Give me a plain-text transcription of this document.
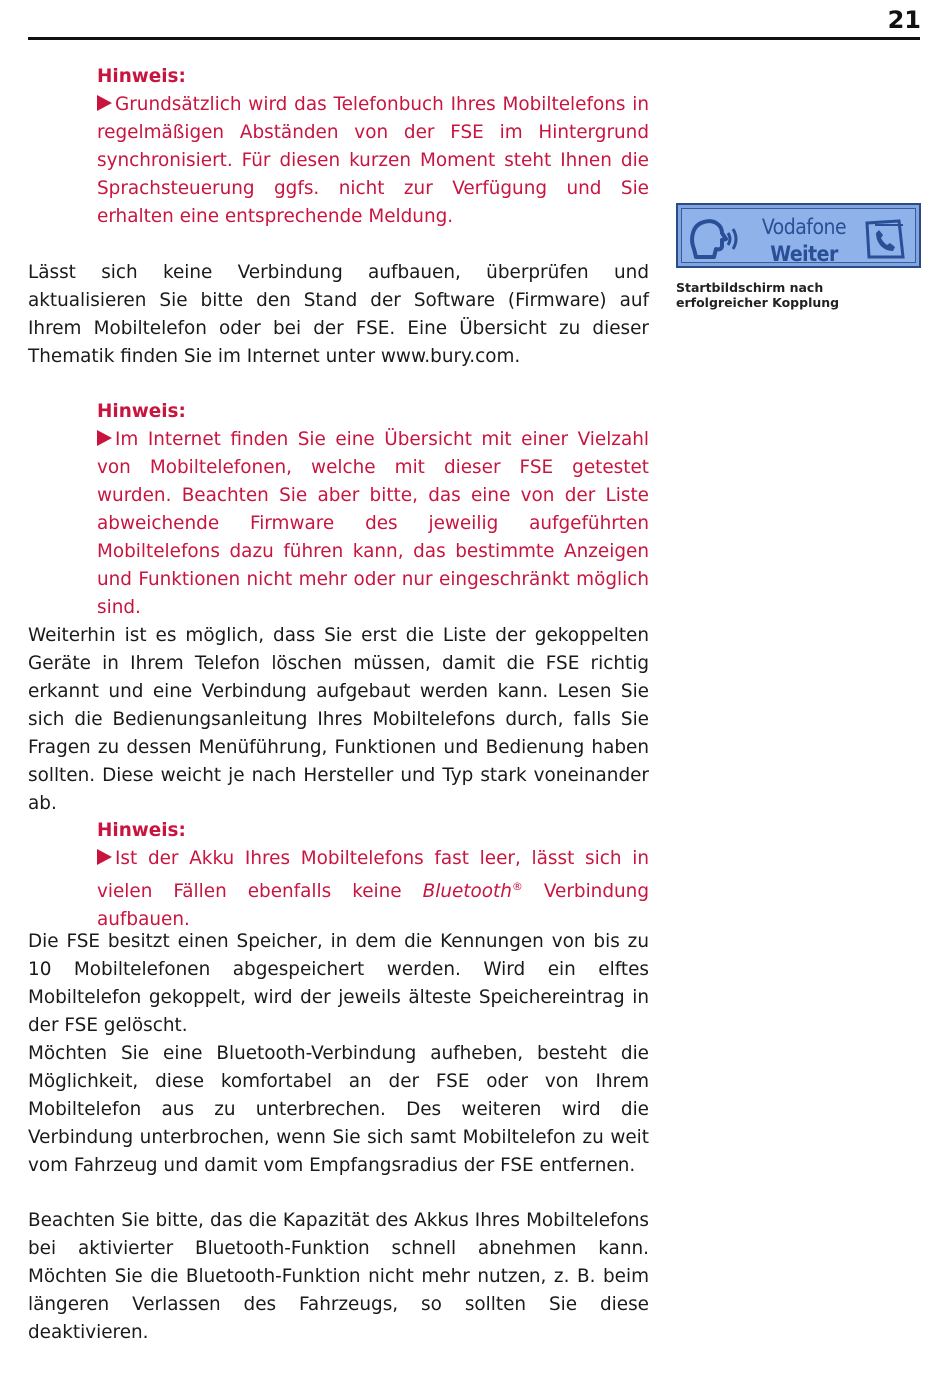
21
Hinweis:
Grundsätzlich wird das Telefonbuch Ihres Mobiltelefons in regelmäßigen Abständen von der FSE im Hintergrund synchronisiert. Für diesen kurzen Moment steht Ihnen die Sprachsteuerung ggfs. nicht zur Verfügung und Sie erhalten eine entsprechende Meldung.
Lässt sich keine Verbindung aufbauen, überprüfen und aktualisieren Sie bitte den Stand der Software (Firmware) auf Ihrem Mobiltelefon oder bei der FSE. Eine Übersicht zu dieser Thematik finden Sie im Internet unter www.bury.com.
Hinweis:
Im Internet finden Sie eine Übersicht mit einer Vielzahl von Mobiltelefonen, welche mit dieser FSE getestet wurden. Beachten Sie aber bitte, das eine von der Liste abweichende Firmware des jeweilig aufgeführten Mobiltelefons dazu führen kann, das bestimmte Anzeigen und Funktionen nicht mehr oder nur eingeschränkt möglich sind.
Weiterhin ist es möglich, dass Sie erst die Liste der gekoppelten Geräte in Ihrem Telefon löschen müssen, damit die FSE richtig erkannt und eine Verbindung aufgebaut werden kann. Lesen Sie sich die Bedienungsanleitung Ihres Mobiltelefons durch, falls Sie Fragen zu dessen Menüführung, Funktionen und Bedienung haben sollten. Diese weicht je nach Hersteller und Typ stark voneinander ab.
Hinweis:
Ist der Akku Ihres Mobiltelefons fast leer, lässt sich in vielen Fällen ebenfalls keine Bluetooth® Verbindung aufbauen.
Die FSE besitzt einen Speicher, in dem die Kennungen von bis zu 10 Mobiltelefonen abgespeichert werden. Wird ein elftes Mobiltelefon gekoppelt, wird der jeweils älteste Speichereintrag in der FSE gelöscht.
Möchten Sie eine Bluetooth-Verbindung aufheben, besteht die Möglichkeit, diese komfortabel an der FSE oder von Ihrem Mobiltelefon aus zu unterbrechen. Des weiteren wird die Verbindung unterbrochen, wenn Sie sich samt Mobiltelefon zu weit vom Fahrzeug und damit vom Empfangsradius der FSE entfernen.
Beachten Sie bitte, das die Kapazität des Akkus Ihres Mobiltelefons bei aktivierter Bluetooth-Funktion schnell abnehmen kann. Möchten Sie die Bluetooth-Funktion nicht mehr nutzen, z. B. beim längeren Verlassen des Fahrzeugs, so sollten Sie diese deaktivieren.
Vodafone
Weiter
Startbildschirm nach
erfolgreicher Kopplung
